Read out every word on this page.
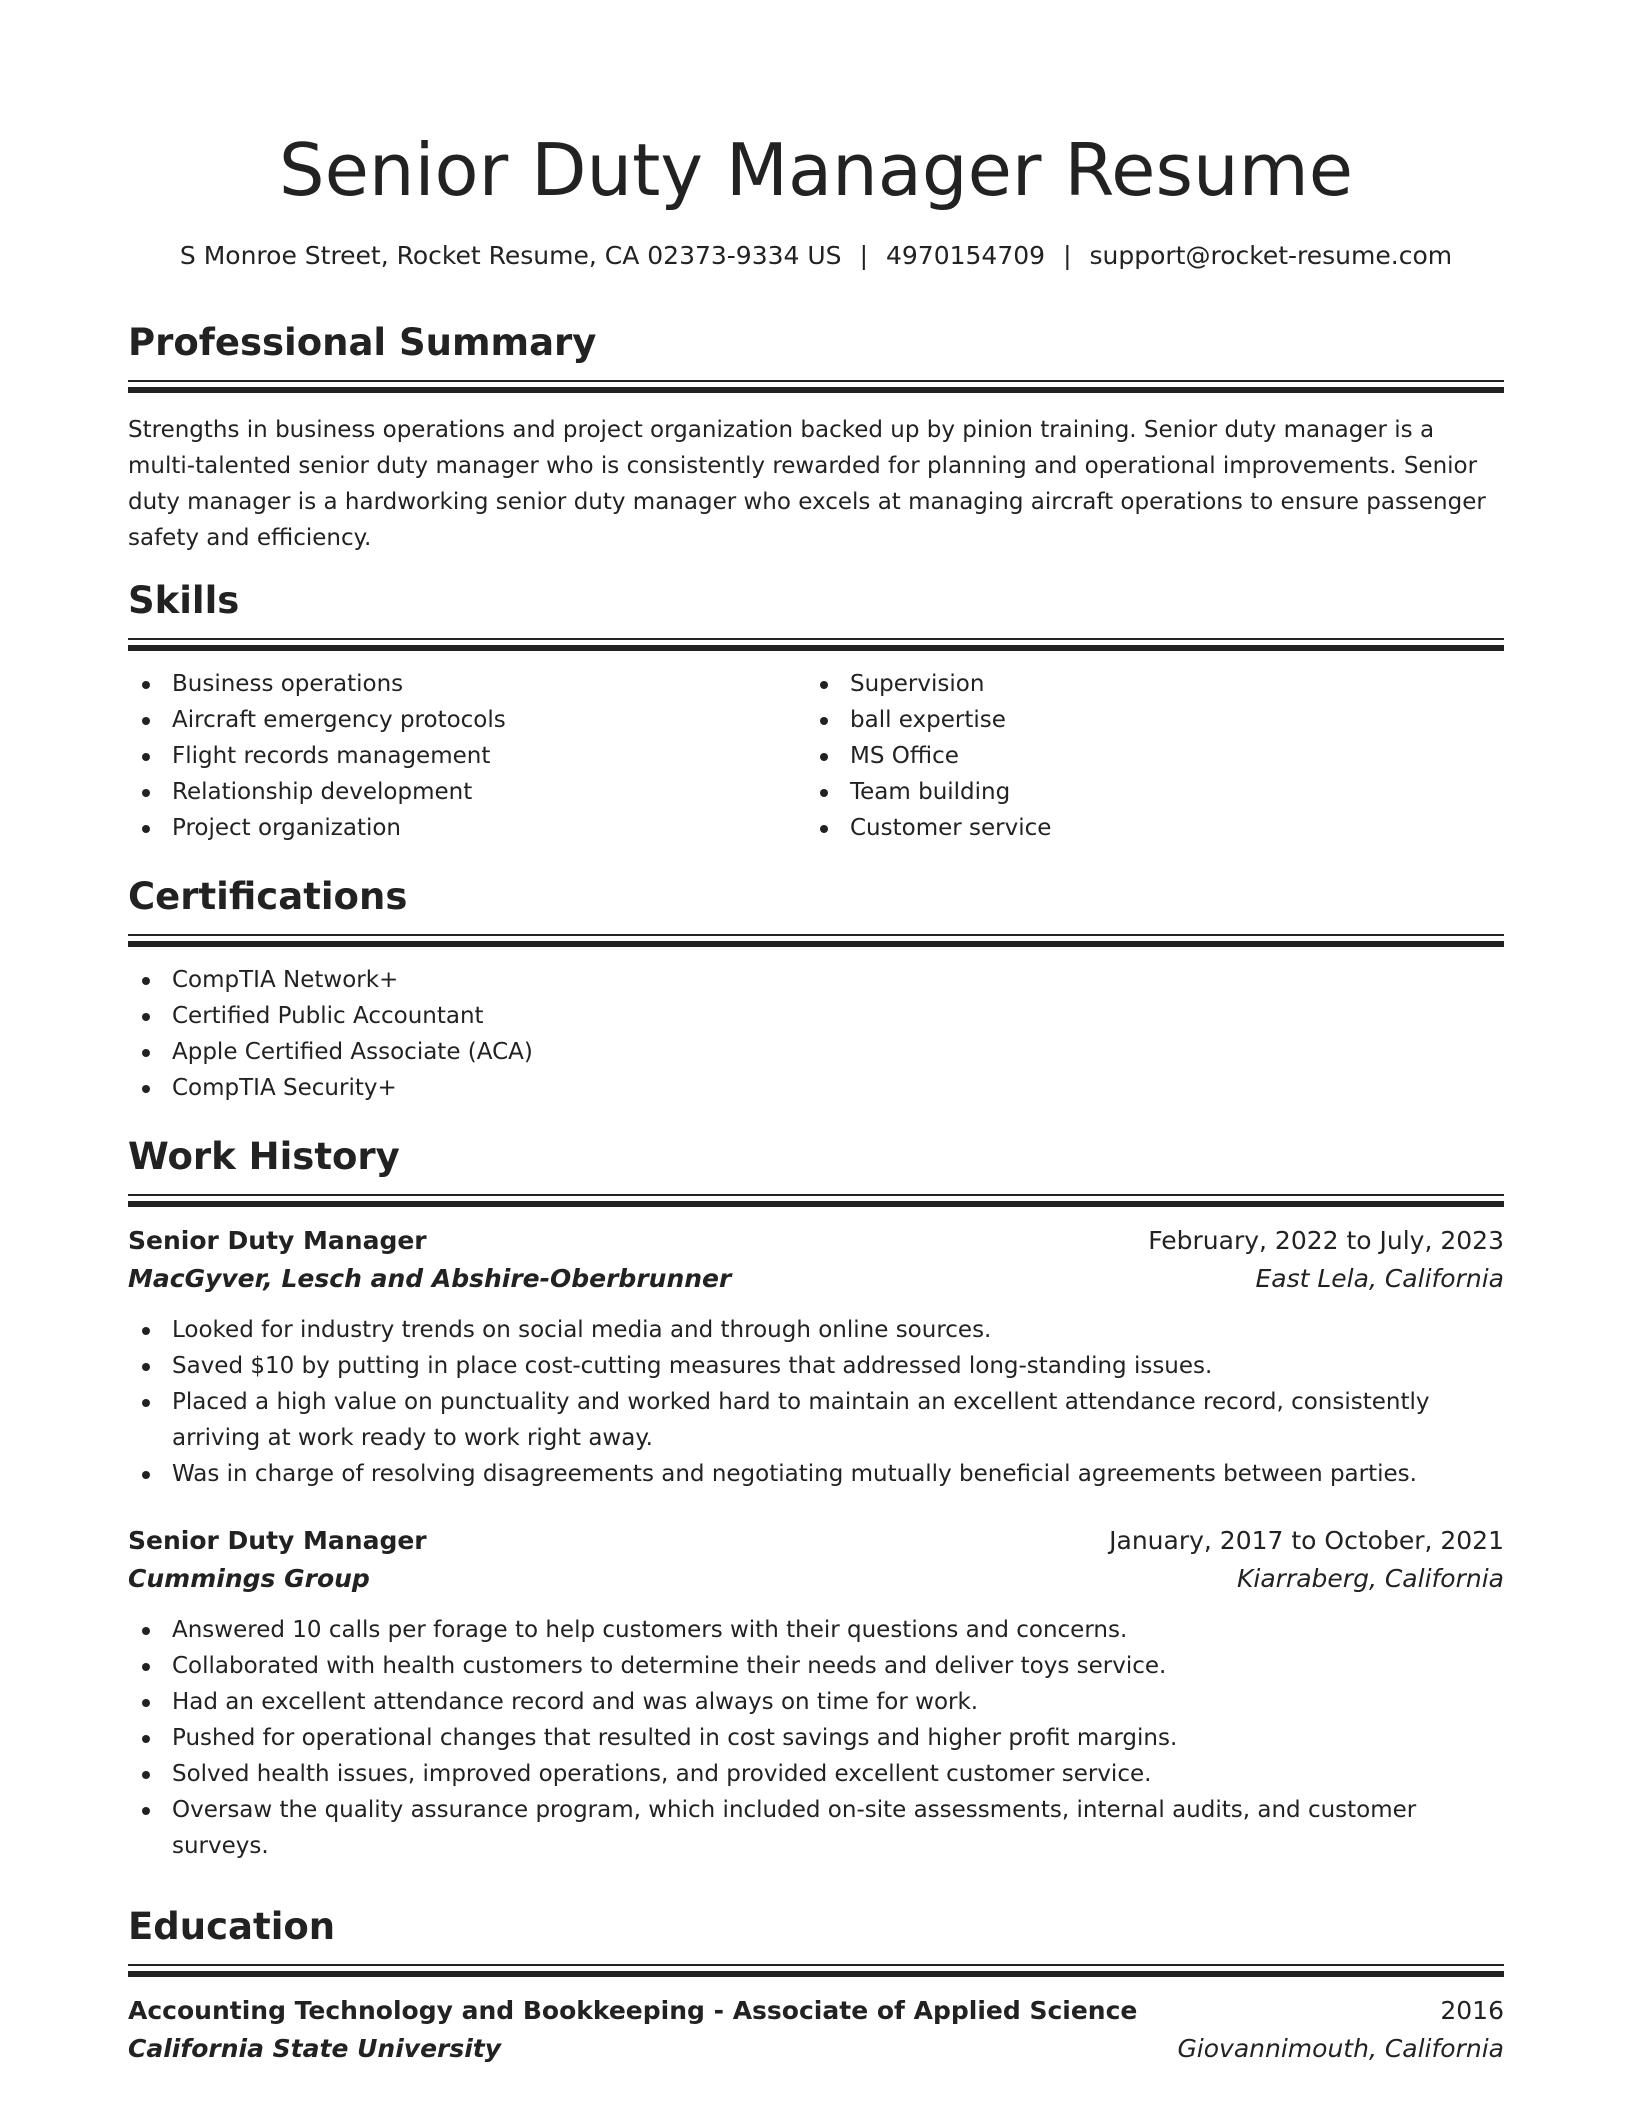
Senior Duty Manager Resume
S Monroe Street, Rocket Resume, CA 02373-9334 US | 4970154709 | support@rocket-resume.com
Professional Summary
Strengths in business operations and project organization backed up by pinion training. Senior duty manager is a multi-talented senior duty manager who is consistently rewarded for planning and operational improvements. Senior duty manager is a hardworking senior duty manager who excels at managing aircraft operations to ensure passenger safety and efficiency.
Skills
Business operations
Aircraft emergency protocols
Flight records management
Relationship development
Project organization
Supervision
ball expertise
MS Office
Team building
Customer service
Certifications
CompTIA Network+
Certified Public Accountant
Apple Certified Associate (ACA)
CompTIA Security+
Work History
Senior Duty Manager	February, 2022 to July, 2023
MacGyver, Lesch and Abshire-Oberbrunner	East Lela, California
Looked for industry trends on social media and through online sources.
Saved $10 by putting in place cost-cutting measures that addressed long-standing issues.
Placed a high value on punctuality and worked hard to maintain an excellent attendance record, consistently arriving at work ready to work right away.
Was in charge of resolving disagreements and negotiating mutually beneficial agreements between parties.
Senior Duty Manager	January, 2017 to October, 2021
Cummings Group	Kiarraberg, California
Answered 10 calls per forage to help customers with their questions and concerns.
Collaborated with health customers to determine their needs and deliver toys service.
Had an excellent attendance record and was always on time for work.
Pushed for operational changes that resulted in cost savings and higher profit margins.
Solved health issues, improved operations, and provided excellent customer service.
Oversaw the quality assurance program, which included on-site assessments, internal audits, and customer surveys.
Education
Accounting Technology and Bookkeeping - Associate of Applied Science	2016
California State University	Giovannimouth, California
